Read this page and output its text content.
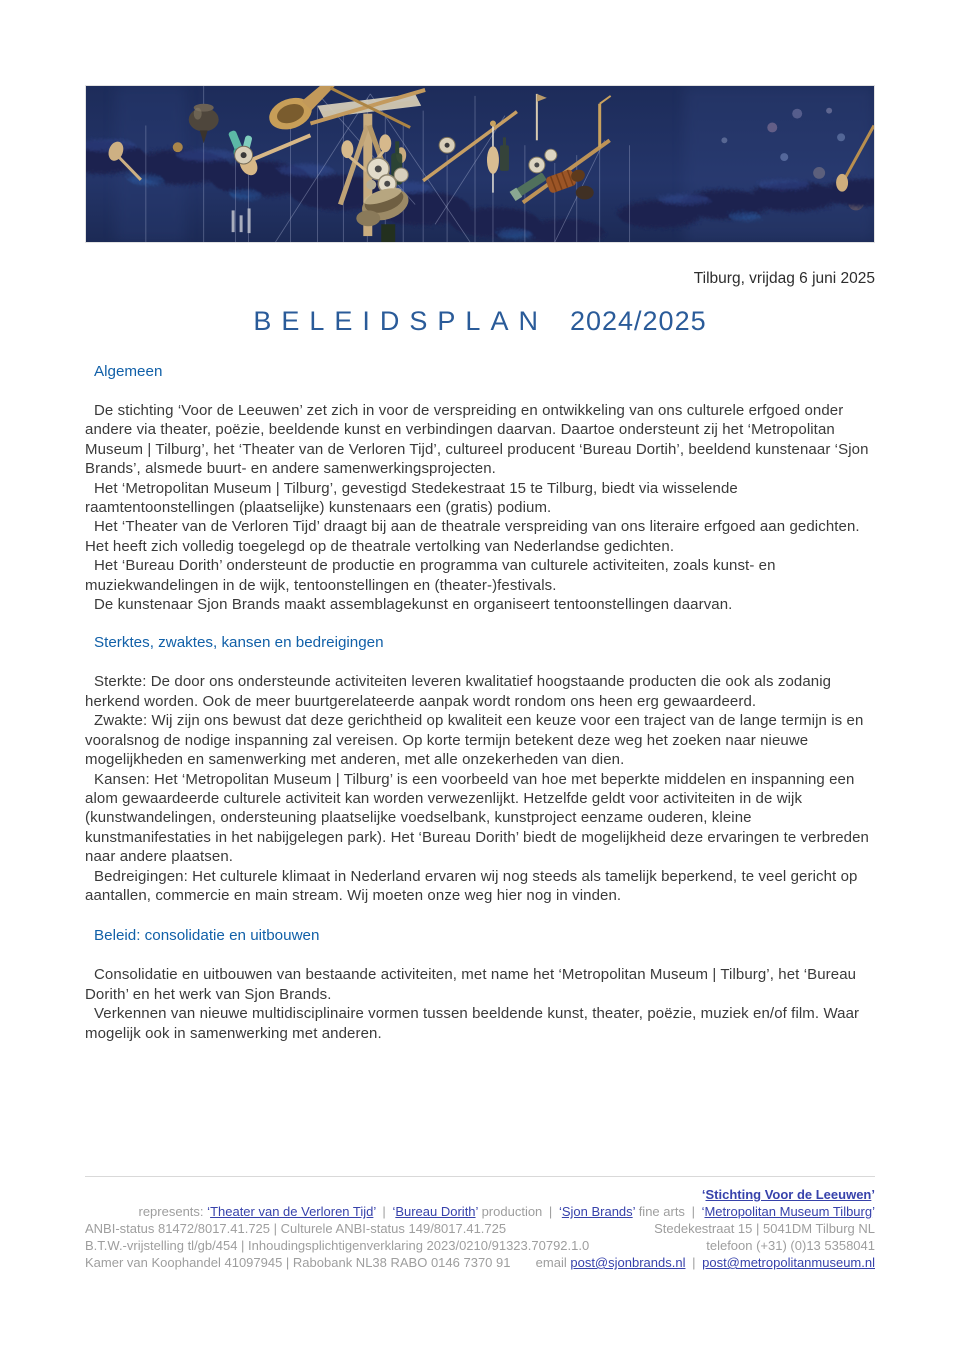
Tilburg, vrijdag 6 juni 2025
BELEIDSPLAN 2024/2025
Algemeen

De stichting ‘Voor de Leeuwen’ zet zich in voor de verspreiding en ontwikkeling van ons culturele erfgoed onder andere via theater, poëzie, beeldende kunst en verbindingen daarvan. Daartoe ondersteunt zij het ‘Metropolitan Museum | Tilburg’, het ‘Theater van de Verloren Tijd’, cultureel producent ‘Bureau Dortih’, beeldend kunstenaar ‘Sjon Brands’, alsmede buurt- en andere samenwerkingsprojecten.

Het ‘Metropolitan Museum | Tilburg’, gevestigd Stedekestraat 15 te Tilburg, biedt via wisselende raamtentoonstellingen (plaatselijke) kunstenaars een (gratis) podium.

Het ‘Theater van de Verloren Tijd’ draagt bij aan de theatrale verspreiding van ons literaire erfgoed aan gedichten. Het heeft zich volledig toegelegd op de theatrale vertolking van Nederlandse gedichten.

Het ‘Bureau Dorith’ ondersteunt de productie en programma van culturele activiteiten, zoals kunst- en muziekwandelingen in de wijk, tentoonstellingen en (theater-)festivals.

De kunstenaar Sjon Brands maakt assemblagekunst en organiseert tentoonstellingen daarvan.

Sterktes, zwaktes, kansen en bedreigingen

Sterkte: De door ons ondersteunde activiteiten leveren kwalitatief hoogstaande producten die ook als zodanig herkend worden. Ook de meer buurtgerelateerde aanpak wordt rondom ons heen erg gewaardeerd.

Zwakte: Wij zijn ons bewust dat deze gerichtheid op kwaliteit een keuze voor een traject van de lange termijn is en vooralsnog de nodige inspanning zal vereisen. Op korte termijn betekent deze weg het zoeken naar nieuwe mogelijkheden en samenwerking met anderen, met alle onzekerheden van dien.

Kansen: Het ‘Metropolitan Museum | Tilburg’ is een voorbeeld van hoe met beperkte middelen en inspanning een alom gewaardeerde culturele activiteit kan worden verwezenlijkt. Hetzelfde geldt voor activiteiten in de wijk (kunstwandelingen, ondersteuning plaatselijke voedselbank, kunstproject eenzame ouderen, kleine kunstmanifestaties in het nabijgelegen park). Het ‘Bureau Dorith’ biedt de mogelijkheid deze ervaringen te verbreden naar andere plaatsen.

Bedreigingen: Het culturele klimaat in Nederland ervaren wij nog steeds als tamelijk beperkend, te veel gericht op aantallen, commercie en main stream. Wij moeten onze weg hier nog in vinden.

Beleid: consolidatie en uitbouwen

Consolidatie en uitbouwen van bestaande activiteiten, met name het ‘Metropolitan Museum | Tilburg’, het ‘Bureau Dorith’ en het werk van Sjon Brands.

Verkennen van nieuwe multidisciplinaire vormen tussen beeldende kunst, theater, poëzie, muziek en/of film. Waar mogelijk ook in samenwerking met anderen.

‘Stichting Voor de Leeuwen’
represents: ‘Theater van de Verloren Tijd’ | ‘Bureau Dorith’ production | ‘Sjon Brands’ fine arts | ‘Metropolitan Museum Tilburg’
ANBI-status 81472/8017.41.725 | Culturele ANBI-status 149/8017.41.725	Stedekestraat 15 | 5041DM Tilburg NL
B.T.W.-vrijstelling tl/gb/454 | Inhoudingsplichtigenverklaring 2023/0210/91323.70792.1.0	telefoon (+31) (0)13 5358041
Kamer van Koophandel 41097945 | Rabobank NL38 RABO 0146 7370 91 email post@sjonbrands.nl | post@metropolitanmuseum.nl
